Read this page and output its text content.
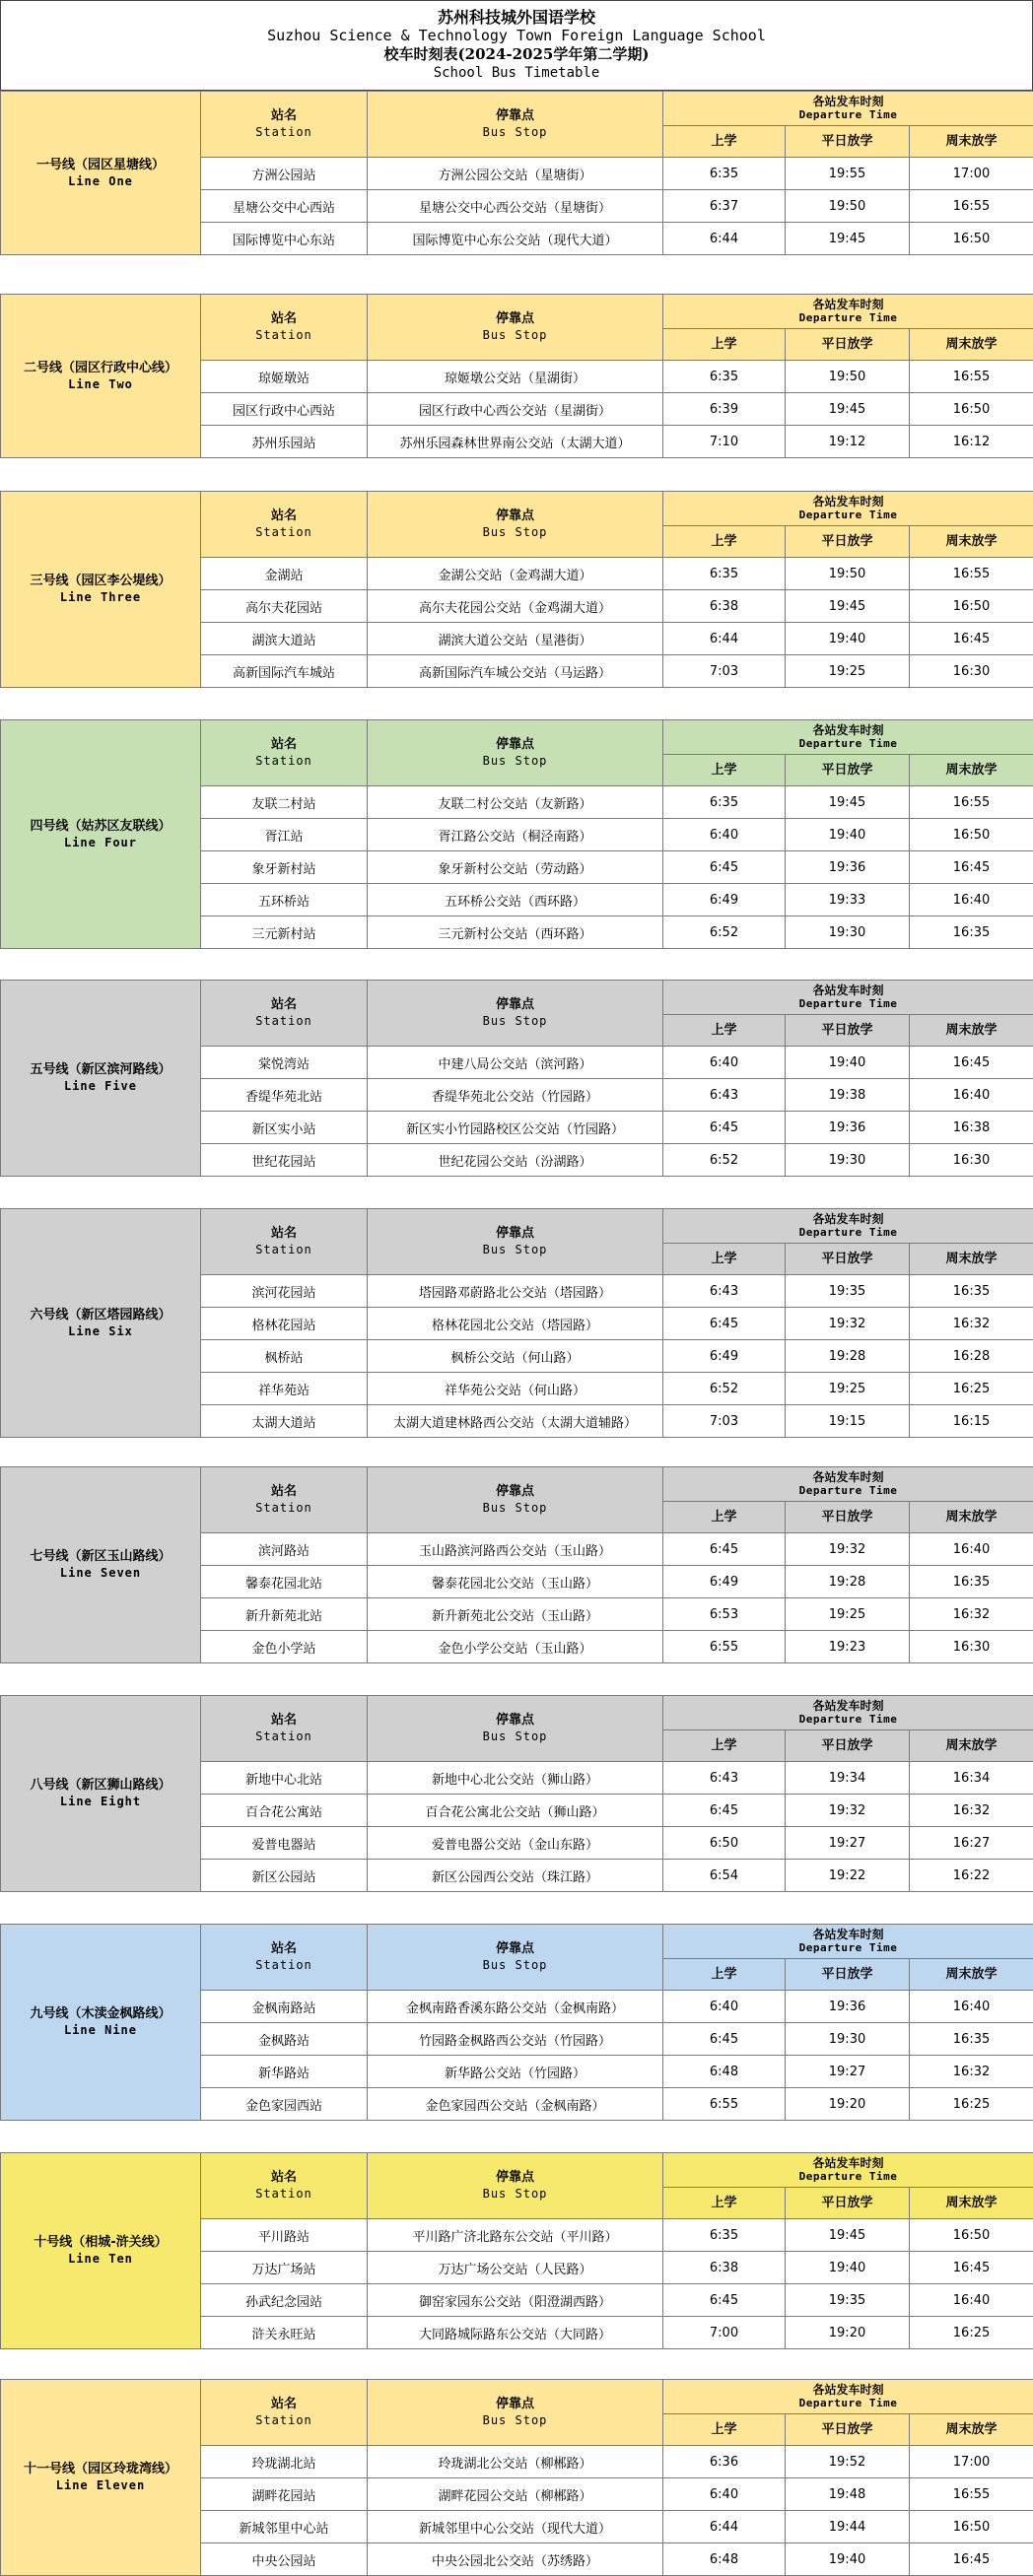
苏州科技城外国语学校
Suzhou Science & Technology Town Foreign Language School
校车时刻表(2024-2025学年第二学期)
School Bus Timetable
一号线（园区星塘线）
Line One	站名
Station	停靠点
Bus Stop	各站发车时刻
Departure Time		

			上学	平日放学	周末放学
	方洲公园站	方洲公园公交站（星塘街）	6:35	19:55	17:00
	星塘公交中心西站	星塘公交中心西公交站（星塘街）	6:37	19:50	16:55
	国际博览中心东站	国际博览中心东公交站（现代大道）	6:44	19:45	16:50
二号线（园区行政中心线）
Line Two	站名
Station	停靠点
Bus Stop	各站发车时刻
Departure Time		

			上学	平日放学	周末放学
	琼姬墩站	琼姬墩公交站（星湖街）	6:35	19:50	16:55
	园区行政中心西站	园区行政中心西公交站（星湖街）	6:39	19:45	16:50
	苏州乐园站	苏州乐园森林世界南公交站（太湖大道）	7:10	19:12	16:12
三号线（园区李公堤线）
Line Three	站名
Station	停靠点
Bus Stop	各站发车时刻
Departure Time		

			上学	平日放学	周末放学
	金湖站	金湖公交站（金鸡湖大道）	6:35	19:50	16:55
	高尔夫花园站	高尔夫花园公交站（金鸡湖大道）	6:38	19:45	16:50
	湖滨大道站	湖滨大道公交站（星港街）	6:44	19:40	16:45
	高新国际汽车城站	高新国际汽车城公交站（马运路）	7:03	19:25	16:30
四号线（姑苏区友联线）
Line Four	站名
Station	停靠点
Bus Stop	各站发车时刻
Departure Time		

			上学	平日放学	周末放学
	友联二村站	友联二村公交站（友新路）	6:35	19:45	16:55
	胥江站	胥江路公交站（桐泾南路）	6:40	19:40	16:50
	象牙新村站	象牙新村公交站（劳动路）	6:45	19:36	16:45
	五环桥站	五环桥公交站（西环路）	6:49	19:33	16:40
	三元新村站	三元新村公交站（西环路）	6:52	19:30	16:35
五号线（新区滨河路线）
Line Five	站名
Station	停靠点
Bus Stop	各站发车时刻
Departure Time		

			上学	平日放学	周末放学
	棠悦湾站	中建八局公交站（滨河路）	6:40	19:40	16:45
	香缇华苑北站	香缇华苑北公交站（竹园路）	6:43	19:38	16:40
	新区实小站	新区实小竹园路校区公交站（竹园路）	6:45	19:36	16:38
	世纪花园站	世纪花园公交站（汾湖路）	6:52	19:30	16:30
六号线（新区塔园路线）
Line Six	站名
Station	停靠点
Bus Stop	各站发车时刻
Departure Time		

			上学	平日放学	周末放学
	滨河花园站	塔园路邓蔚路北公交站（塔园路）	6:43	19:35	16:35
	格林花园站	格林花园北公交站（塔园路）	6:45	19:32	16:32
	枫桥站	枫桥公交站（何山路）	6:49	19:28	16:28
	祥华苑站	祥华苑公交站（何山路）	6:52	19:25	16:25
	太湖大道站	太湖大道建林路西公交站（太湖大道辅路）	7:03	19:15	16:15
七号线（新区玉山路线）
Line Seven	站名
Station	停靠点
Bus Stop	各站发车时刻
Departure Time		

			上学	平日放学	周末放学
	滨河路站	玉山路滨河路西公交站（玉山路）	6:45	19:32	16:40
	馨泰花园北站	馨泰花园北公交站（玉山路）	6:49	19:28	16:35
	新升新苑北站	新升新苑北公交站（玉山路）	6:53	19:25	16:32
	金色小学站	金色小学公交站（玉山路）	6:55	19:23	16:30
八号线（新区狮山路线）
Line Eight	站名
Station	停靠点
Bus Stop	各站发车时刻
Departure Time		

			上学	平日放学	周末放学
	新地中心北站	新地中心北公交站（狮山路）	6:43	19:34	16:34
	百合花公寓站	百合花公寓北公交站（狮山路）	6:45	19:32	16:32
	爱普电器站	爱普电器公交站（金山东路）	6:50	19:27	16:27
	新区公园站	新区公园西公交站（珠江路）	6:54	19:22	16:22
九号线（木渎金枫路线）
Line Nine	站名
Station	停靠点
Bus Stop	各站发车时刻
Departure Time		

			上学	平日放学	周末放学
	金枫南路站	金枫南路香溪东路公交站（金枫南路）	6:40	19:36	16:40
	金枫路站	竹园路金枫路西公交站（竹园路）	6:45	19:30	16:35
	新华路站	新华路公交站（竹园路）	6:48	19:27	16:32
	金色家园西站	金色家园西公交站（金枫南路）	6:55	19:20	16:25
十号线（相城-浒关线）
Line Ten	站名
Station	停靠点
Bus Stop	各站发车时刻
Departure Time		

			上学	平日放学	周末放学
	平川路站	平川路广济北路东公交站（平川路）	6:35	19:45	16:50
	万达广场站	万达广场公交站（人民路）	6:38	19:40	16:45
	孙武纪念园站	御窑家园东公交站（阳澄湖西路）	6:45	19:35	16:40
	浒关永旺站	大同路城际路东公交站（大同路）	7:00	19:20	16:25
十一号线（园区玲珑湾线）
Line Eleven	站名
Station	停靠点
Bus Stop	各站发车时刻
Departure Time		

			上学	平日放学	周末放学
	玲珑湖北站	玲珑湖北公交站（柳郴路）	6:36	19:52	17:00
	湖畔花园站	湖畔花园公交站（柳郴路）	6:40	19:48	16:55
	新城邻里中心站	新城邻里中心公交站（现代大道）	6:44	19:44	16:50
	中央公园站	中央公园北公交站（苏绣路）	6:48	19:40	16:45
